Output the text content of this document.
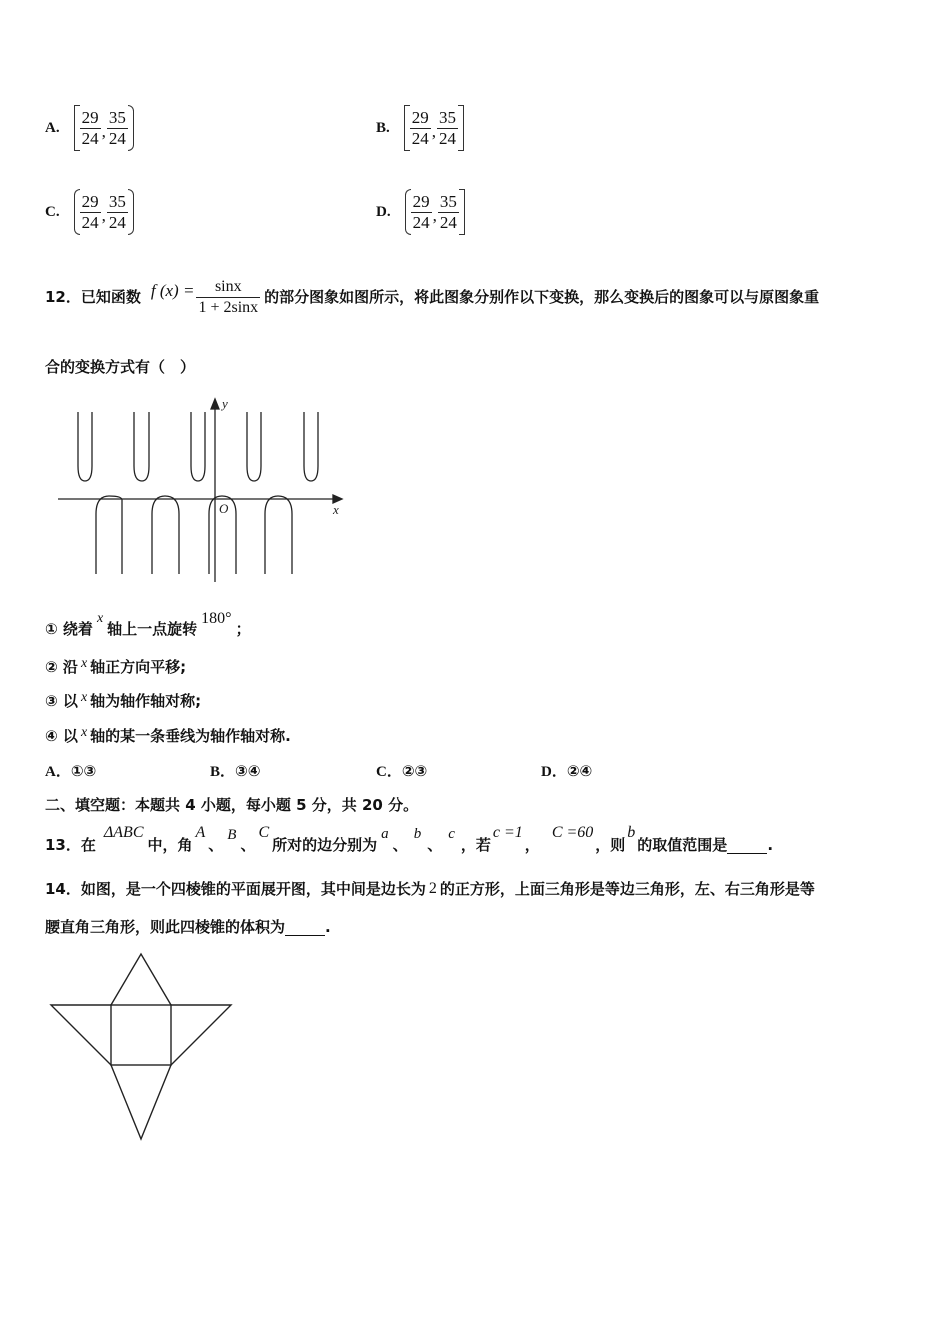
A. $\frac{29}{24}$ , $\frac{35}{24}$	B. $\frac{29}{24}$ , $\frac{35}{24}$
C. $\frac{29}{24}$ , $\frac{35}{24}$	D. $\frac{29}{24}$ , $\frac{35}{24}$
12．已知函数 f $(x) = \frac{\sin x}{1 + 2\sin x}$ 的部分图象如图所示，将此图象分别作以下变换，那么变换后的图象可以与原图象重
合的变换方式有（　）
y
x
O
① 绕着
x
轴上一点旋转
180°
；
② 沿 x 轴正方向平移;
③ 以 x 轴为轴作轴对称;
④ 以 x 轴的某一条垂线为轴作轴对称.
A．①③	B．③④	C．②③	D．②④
二、填空题：本题共 4 小题，每小题 5 分，共 20 分。
13．在
ΔABC
中，角
A
、
B
、
C
所对的边分别为
a
、
b
、
c
，若
c =1
，
C =60
，则
b
的取值范围是	.
14．如图，是一个四棱锥的平面展开图，其中间是边长为 2 的正方形，上面三角形是等边三角形，左、右三角形是等
腰直角三角形，则此四棱锥的体积为	.
